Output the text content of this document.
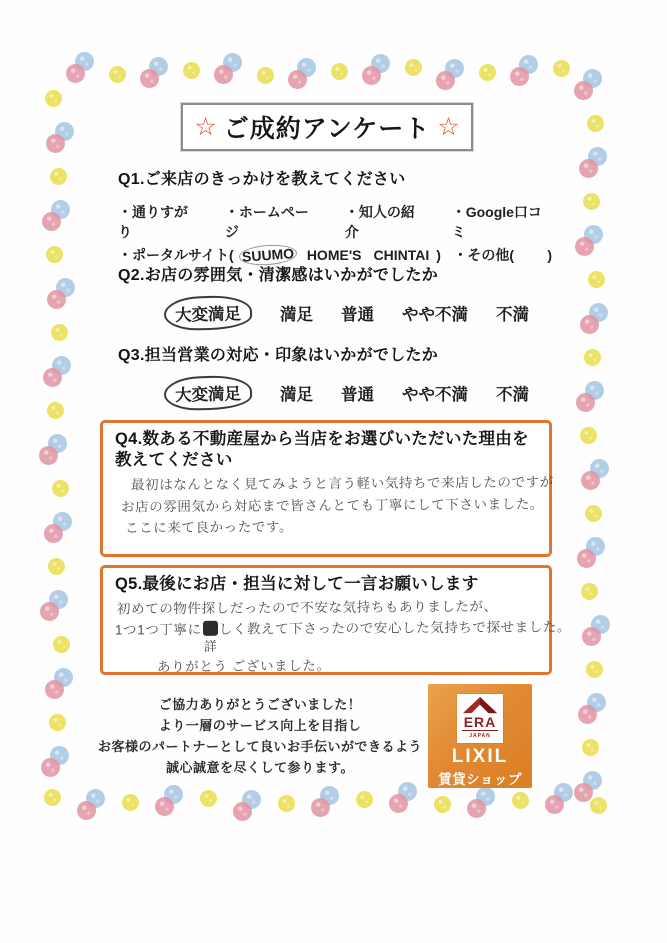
☆ ご成約アンケート ☆
Q1.ご来店のきっかけを教えてください
・通りすがり
・ホームページ
・知人の紹介
・Google口コミ
・ポータルサイト( SUUMO HOME'S CHINTAI ) ・その他( )
Q2.お店の雰囲気・清潔感はいかがでしたか
大変満足	満足 普通 やや不満 不満
Q3.担当営業の対応・印象はいかがでしたか
大変満足	満足 普通 やや不満 不満
Q4.数ある不動産屋から当店をお選びいただいた理由を教えてください
最初はなんとなく見てみようと言う軽い気持ちで来店したのですが
お店の雰囲気から対応まで皆さんとても丁寧にして下さいました。
ここに来て良かったです。
Q5.最後にお店・担当に対して一言お願いします
初めての物件探しだったので不安な気持ちもありましたが、
1つ1つ丁寧に
詳
しく教えて下さったので安心した気持ちで探せました。
ありがとう ございました。
ご協力ありがとうございました！
より一層のサービス向上を目指し
お客様のパートナーとして良いお手伝いができるよう
誠心誠意を尽くして参ります。
ERA
JAPAN
LIXIL
賃貸ショップ
